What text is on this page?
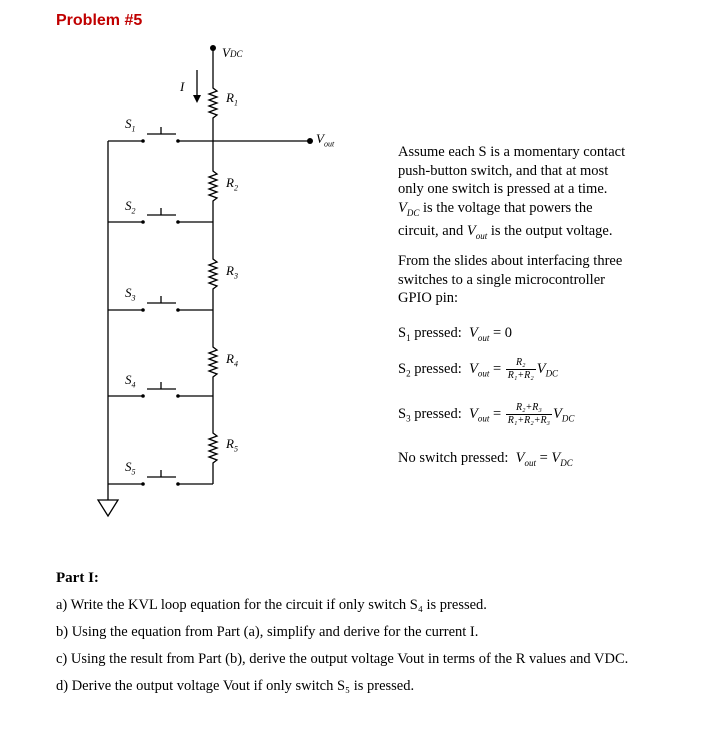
Problem #5
VDC
I
$V_{out}$
$R_1$
$R_2$
$R_3$
$R_4$
$R_5$
$S_1$
$S_2$
$S_3$
$S_4$
$S_5$
Assume each S is a momentary contact
push-button switch, and that at most
only one switch is pressed at a time.
$V_{DC}$ is the voltage that powers the
circuit, and $V_{out}$ is the output voltage.
From the slides about interfacing three
switches to a single microcontroller
GPIO pin:
$S_1$ pressed: $V_{out} = 0$
$S_2$ pressed: $V_{out} = \frac{\text{R₂}}{\text{R₁+R₂}} V_{DC}$
$S_3$ pressed: $V_{out} = \frac{\text{R₂+R₃}}{\text{R₁+R₂+R₃}} V_{DC}$
No switch pressed: $V_{out} = V_{DC}$
Part I:
a) Write the KVL loop equation for the circuit if only switch S₄ is pressed.
b) Using the equation from Part (a), simplify and derive for the current I.
c) Using the result from Part (b), derive the output voltage Vout in terms of the R values and VDC.
d) Derive the output voltage Vout if only switch S₅ is pressed.
